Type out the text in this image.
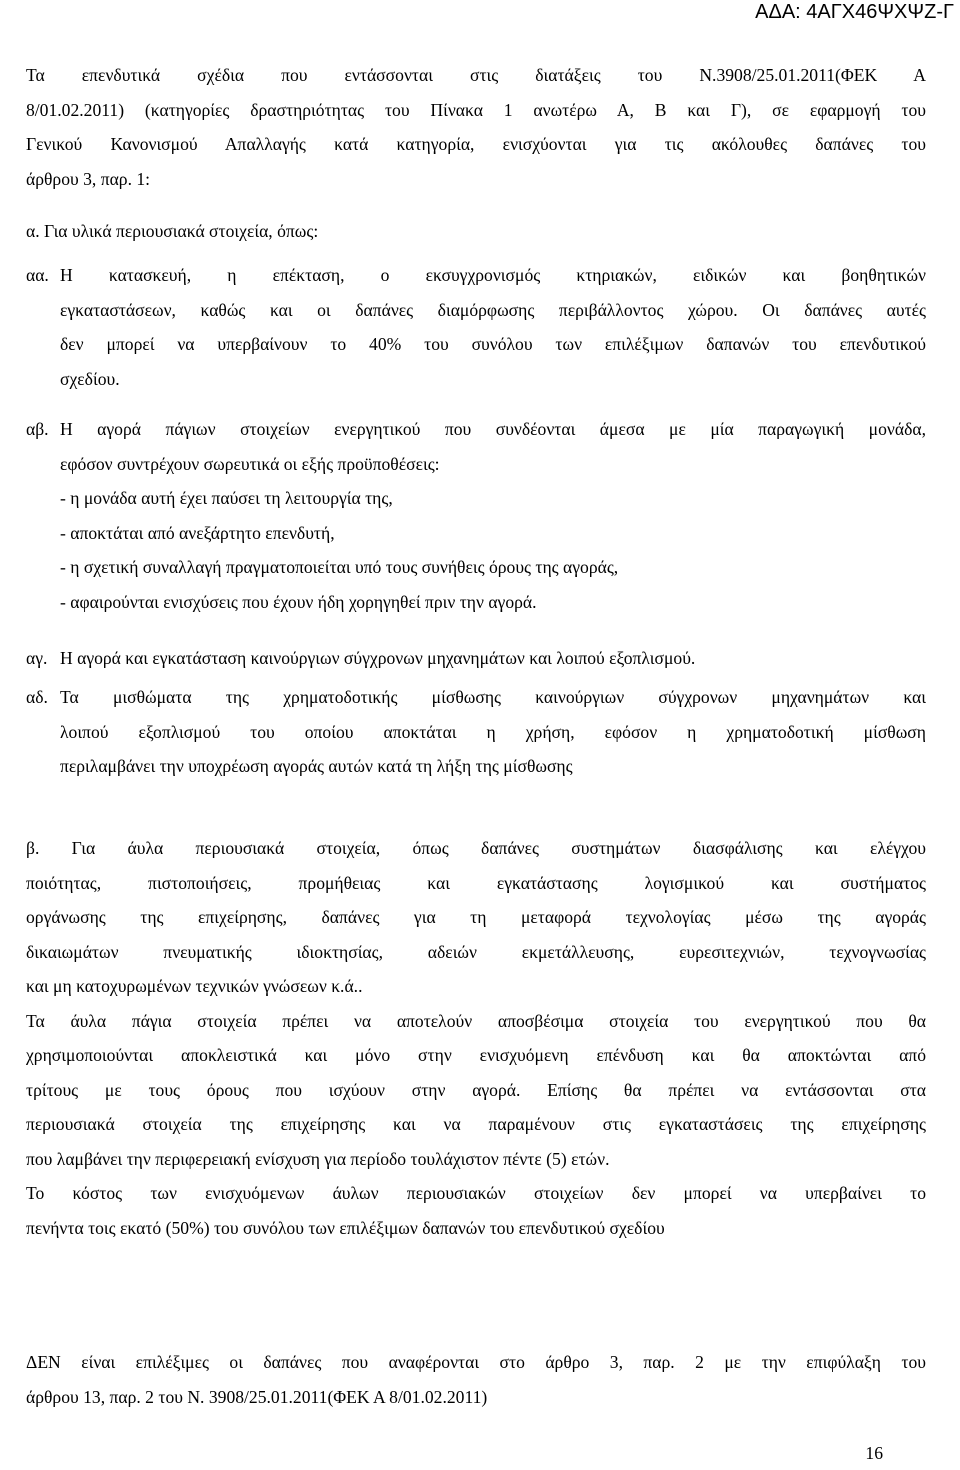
ΑΔΑ: 4ΑΓΧ46ΨΧΨΖ-Γ
Τα επενδυτικά σχέδια που εντάσσονται στις διατάξεις του Ν.3908/25.01.2011(ΦΕΚ Α
8/01.02.2011) (κατηγορίες δραστηριότητας του Πίνακα 1 ανωτέρω Α, Β και Γ), σε εφαρμογή του
Γενικού Κανονισμού Απαλλαγής κατά κατηγορία, ενισχύονται για τις ακόλουθες δαπάνες του
άρθρου 3, παρ. 1:
α. Για υλικά περιουσιακά στοιχεία, όπως:
αα. Η κατασκευή, η επέκταση, ο εκσυγχρονισμός κτηριακών, ειδικών και βοηθητικών
εγκαταστάσεων, καθώς και οι δαπάνες διαμόρφωσης περιβάλλοντος χώρου. Οι δαπάνες αυτές
δεν μπορεί να υπερβαίνουν το 40% του συνόλου των επιλέξιμων δαπανών του επενδυτικού
σχεδίου.
αβ. Η αγορά πάγιων στοιχείων ενεργητικού που συνδέονται άμεσα με μία παραγωγική μονάδα,
εφόσον συντρέχουν σωρευτικά οι εξής προϋποθέσεις:
- η μονάδα αυτή έχει παύσει τη λειτουργία της,
- αποκτάται από ανεξάρτητο επενδυτή,
- η σχετική συναλλαγή πραγματοποιείται υπό τους συνήθεις όρους της αγοράς,
- αφαιρούνται ενισχύσεις που έχουν ήδη χορηγηθεί πριν την αγορά.
αγ. Η αγορά και εγκατάσταση καινούργιων σύγχρονων μηχανημάτων και λοιπού εξοπλισμού.
αδ. Τα μισθώματα της χρηματοδοτικής μίσθωσης καινούργιων σύγχρονων μηχανημάτων και
λοιπού εξοπλισμού του οποίου αποκτάται η χρήση, εφόσον η χρηματοδοτική μίσθωση
περιλαμβάνει την υποχρέωση αγοράς αυτών κατά τη λήξη της μίσθωσης
β. Για άυλα περιουσιακά στοιχεία, όπως δαπάνες συστημάτων διασφάλισης και ελέγχου
ποιότητας, πιστοποιήσεις, προμήθειας και εγκατάστασης λογισμικού και συστήματος
οργάνωσης της επιχείρησης, δαπάνες για τη μεταφορά τεχνολογίας μέσω της αγοράς
δικαιωμάτων πνευματικής ιδιοκτησίας, αδειών εκμετάλλευσης, ευρεσιτεχνιών, τεχνογνωσίας
και μη κατοχυρωμένων τεχνικών γνώσεων κ.ά..
Τα άυλα πάγια στοιχεία πρέπει να αποτελούν αποσβέσιμα στοιχεία του ενεργητικού που θα
χρησιμοποιούνται αποκλειστικά και μόνο στην ενισχυόμενη επένδυση και θα αποκτώνται από
τρίτους με τους όρους που ισχύουν στην αγορά. Επίσης θα πρέπει να εντάσσονται στα
περιουσιακά στοιχεία της επιχείρησης και να παραμένουν στις εγκαταστάσεις της επιχείρησης
που λαμβάνει την περιφερειακή ενίσχυση για περίοδο τουλάχιστον πέντε (5) ετών.
Το κόστος των ενισχυόμενων άυλων περιουσιακών στοιχείων δεν μπορεί να υπερβαίνει το
πενήντα τοις εκατό (50%) του συνόλου των επιλέξιμων δαπανών του επενδυτικού σχεδίου
ΔΕΝ είναι επιλέξιμες οι δαπάνες που αναφέρονται στο άρθρο 3, παρ. 2 με την επιφύλαξη του
άρθρου 13, παρ. 2 του Ν. 3908/25.01.2011(ΦΕΚ Α 8/01.02.2011)
16
